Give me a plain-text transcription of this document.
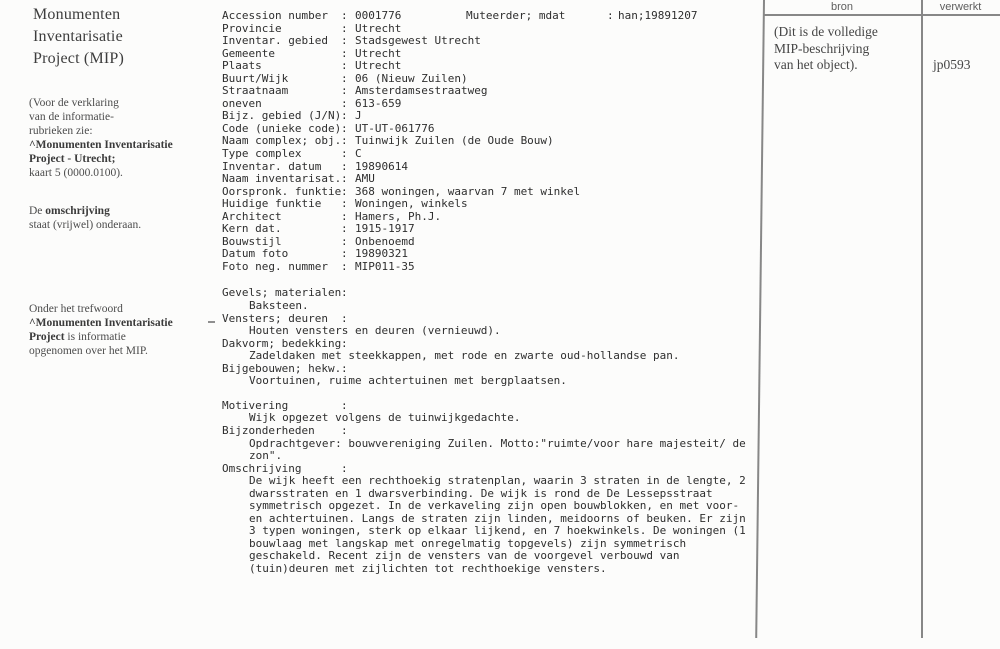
Monumenten
Inventarisatie
Project (MIP)
(Voor de verklaring
van de informatie-
rubrieken zie:
^Monumenten Inventarisatie
Project - Utrecht;
kaart 5 (0000.0100).
De omschrijving
staat (vrijwel) onderaan.
Onder het trefwoord
^Monumenten Inventarisatie
Project is informatie
opgenomen over het MIP.
Accession number : 0001776	Muteerder; mdat	: han;19891207
Provincie	: Utrecht
Inventar. gebied : Stadsgewest Utrecht
Gemeente	: Utrecht
Plaats	: Utrecht
Buurt/Wijk	: 06 (Nieuw Zuilen)
Straatnaam	: Amsterdamsestraatweg
oneven	: 613-659
Bijz. gebied (J/N): J
Code (unieke code): UT-UT-061776
Naam complex; obj.: Tuinwijk Zuilen (de Oude Bouw)
Type complex	: C
Inventar. datum : 19890614
Naam inventarisat.: AMU
Oorspronk. funktie: 368 woningen, waarvan 7 met winkel
Huidige funktie : Woningen, winkels
Architect	: Hamers, Ph.J.
Kern dat.	: 1915-1917
Bouwstijl	: Onbenoemd
Datum foto	: 19890321
Foto neg. nummer : MIP011-35
Gevels; materialen:
Baksteen.
Vensters; deuren :
Houten vensters en deuren (vernieuwd).
Dakvorm; bedekking:
Zadeldaken met steekkappen, met rode en zwarte oud-hollandse pan.
Bijgebouwen; hekw.:
Voortuinen, ruime achtertuinen met bergplaatsen.
Motivering	:
Wijk opgezet volgens de tuinwijkgedachte.
Bijzonderheden :
Opdrachtgever: bouwvereniging Zuilen. Motto:"ruimte/voor hare majesteit/ de
zon".
Omschrijving	:
De wijk heeft een rechthoekig stratenplan, waarin 3 straten in de lengte, 2
dwarsstraten en 1 dwarsverbinding. De wijk is rond de De Lessepsstraat
symmetrisch opgezet. In de verkaveling zijn open bouwblokken, en met voor-
en achtertuinen. Langs de straten zijn linden, meidoorns of beuken. Er zijn
3 typen woningen, sterk op elkaar lijkend, en 7 hoekwinkels. De woningen (1
bouwlaag met langskap met onregelmatig topgevels) zijn symmetrisch
geschakeld. Recent zijn de vensters van de voorgevel verbouwd van
(tuin)deuren met zijlichten tot rechthoekige vensters.
bron	verwerkt
(Dit is de volledige
MIP-beschrijving
van het object).	jp0593
